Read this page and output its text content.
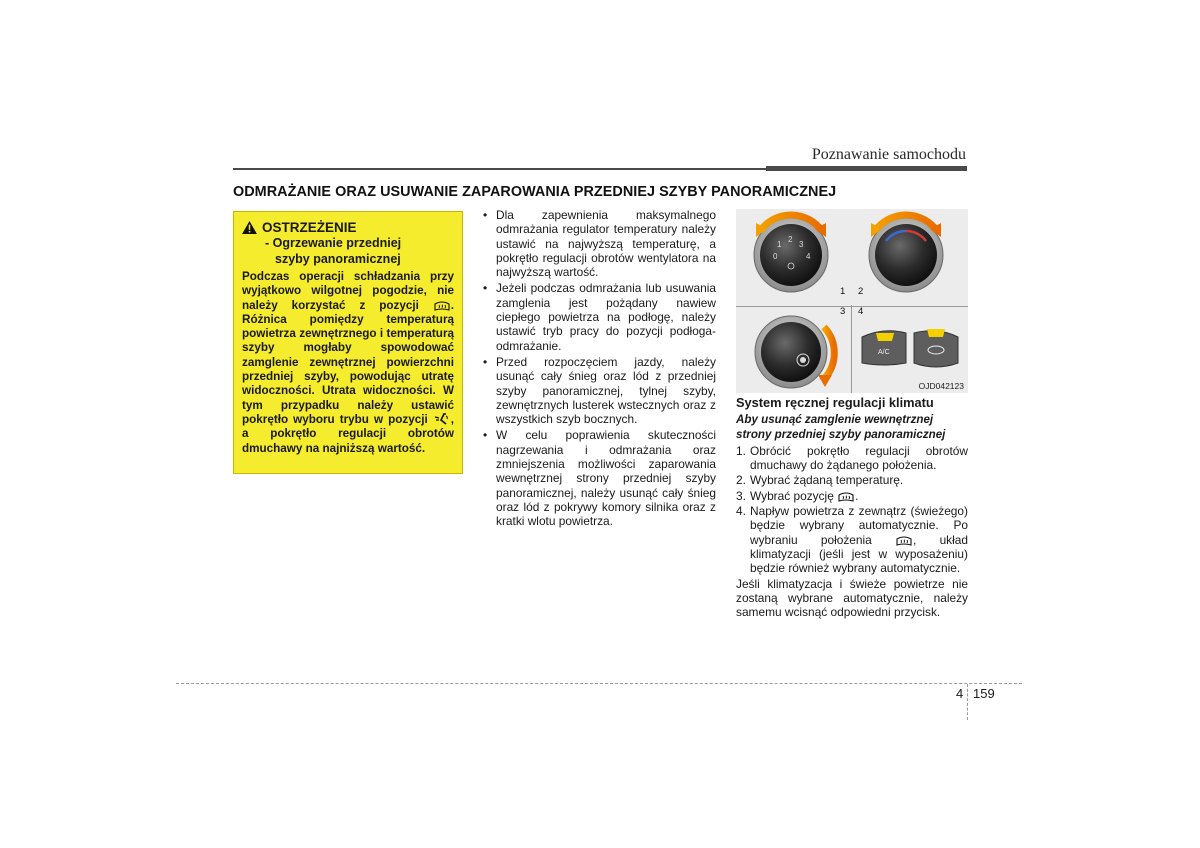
Poznawanie samochodu
ODMRAŻANIE ORAZ USUWANIE ZAPAROWANIA PRZEDNIEJ SZYBY PANORAMICZNEJ
OSTRZEŻENIE
- Ogrzewanie przedniej
szyby panoramicznej
Podczas operacji schładzania przy wyjątkowo wilgotnej pogodzie, nie należy korzystać z pozycji	. Różnica pomiędzy temperaturą powietrza zewnętrznego i temperaturą szyby mogłaby spowodować zamglenie zewnętrznej powierzchni przedniej szyby, powodując utratę widoczności. Utrata widoczności. W tym przypadku należy ustawić pokrętło wyboru trybu w pozycji , a pokrętło regulacji obrotów dmuchawy na najniższą wartość.
• Dla zapewnienia maksymalnego odmrażania regulator temperatury należy ustawić na najwyższą temperaturę, a pokrętło regulacji obrotów wentylatora na najwyższą wartość.
• Jeżeli podczas odmrażania lub usuwania zamglenia jest pożądany nawiew ciepłego powietrza na podłogę, należy ustawić tryb pracy do pozycji podłoga-odmrażanie.
• Przed rozpoczęciem jazdy, należy usunąć cały śnieg oraz lód z przedniej szyby panoramicznej, tylnej szyby, zewnętrznych lusterek wstecznych oraz z wszystkich szyb bocznych.
• W celu poprawienia skuteczności nagrzewania i odmrażania oraz zmniejszenia możliwości zaparowania wewnętrznej strony przedniej szyby panoramicznej, należy usunąć cały śnieg oraz lód z pokrywy komory silnika oraz z kratki wlotu powietrza.
1
2
3
0	4
A/C
1 2
3 4
OJD042123
System ręcznej regulacji klimatu
Aby usunąć zamglenie wewnętrznej strony przedniej szyby panoramicznej
1. Obrócić pokrętło regulacji obrotów dmuchawy do żądanego położenia.
2. Wybrać żądaną temperaturę.
3. Wybrać pozycję .
4. Napływ powietrza z zewnątrz (świeżego) będzie wybrany automatycznie. Po wybraniu położenia	, układ klimatyzacji (jeśli jest w wyposażeniu) będzie również wybrany automatycznie.

Jeśli klimatyzacja i świeże powietrze nie zostaną wybrane automatycznie, należy samemu wcisnąć odpowiedni przycisk.

4 159
